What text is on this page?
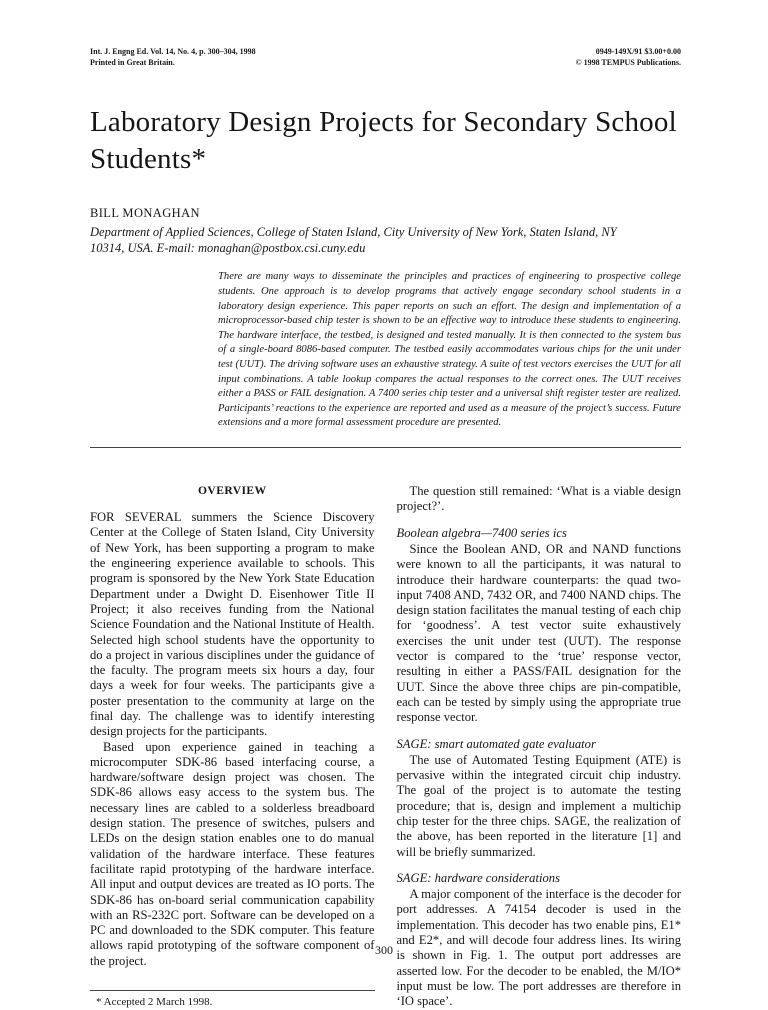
Int. J. Engng Ed. Vol. 14, No. 4, p. 300–304, 1998
Printed in Great Britain.
0949-149X/91 $3.00+0.00
© 1998 TEMPUS Publications.
Laboratory Design Projects for Secondary School Students*
BILL MONAGHAN
Department of Applied Sciences, College of Staten Island, City University of New York, Staten Island, NY 10314, USA. E-mail: monaghan@postbox.csi.cuny.edu
There are many ways to disseminate the principles and practices of engineering to prospective college students. One approach is to develop programs that actively engage secondary school students in a laboratory design experience. This paper reports on such an effort. The design and implementation of a microprocessor-based chip tester is shown to be an effective way to introduce these students to engineering. The hardware interface, the testbed, is designed and tested manually. It is then connected to the system bus of a single-board 8086-based computer. The testbed easily accommodates various chips for the unit under test (UUT). The driving software uses an exhaustive strategy. A suite of test vectors exercises the UUT for all input combinations. A table lookup compares the actual responses to the correct ones. The UUT receives either a PASS or FAIL designation. A 7400 series chip tester and a universal shift register tester are realized. Participants’ reactions to the experience are reported and used as a measure of the project’s success. Future extensions and a more formal assessment procedure are presented.
OVERVIEW

FOR SEVERAL summers the Science Discovery Center at the College of Staten Island, City University of New York, has been supporting a program to make the engineering experience available to schools. This program is sponsored by the New York State Education Department under a Dwight D. Eisenhower Title II Project; it also receives funding from the National Science Foundation and the National Institute of Health. Selected high school students have the opportunity to do a project in various disciplines under the guidance of the faculty. The program meets six hours a day, four days a week for four weeks. The participants give a poster presentation to the community at large on the final day. The challenge was to identify interesting design projects for the participants.

Based upon experience gained in teaching a microcomputer SDK-86 based interfacing course, a hardware/software design project was chosen. The SDK-86 allows easy access to the system bus. The necessary lines are cabled to a solderless breadboard design station. The presence of switches, pulsers and LEDs on the design station enables one to do manual validation of the hardware interface. These features facilitate rapid prototyping of the hardware interface. All input and output devices are treated as IO ports. The SDK-86 has on-board serial communication capability with an RS-232C port. Software can be developed on a PC and downloaded to the SDK computer. This feature allows rapid prototyping of the software component of the project.

* Accepted 2 March 1998.

The question still remained: ‘What is a viable design project?’.

Boolean algebra—7400 series ics

Since the Boolean AND, OR and NAND functions were known to all the participants, it was natural to introduce their hardware counterparts: the quad two-input 7408 AND, 7432 OR, and 7400 NAND chips. The design station facilitates the manual testing of each chip for ‘goodness’. A test vector suite exhaustively exercises the unit under test (UUT). The response vector is compared to the ‘true’ response vector, resulting in either a PASS/FAIL designation for the UUT. Since the above three chips are pin-compatible, each can be tested by simply using the appropriate true response vector.

SAGE: smart automated gate evaluator

The use of Automated Testing Equipment (ATE) is pervasive within the integrated circuit chip industry. The goal of the project is to automate the testing procedure; that is, design and implement a multichip chip tester for the three chips. SAGE, the realization of the above, has been reported in the literature [1] and will be briefly summarized.

SAGE: hardware considerations

A major component of the interface is the decoder for port addresses. A 74154 decoder is used in the implementation. This decoder has two enable pins, E1* and E2*, and will decode four address lines. Its wiring is shown in Fig. 1. The output port addresses are asserted low. For the decoder to be enabled, the M/IO* input must be low. The port addresses are therefore in ‘IO space’.

300
